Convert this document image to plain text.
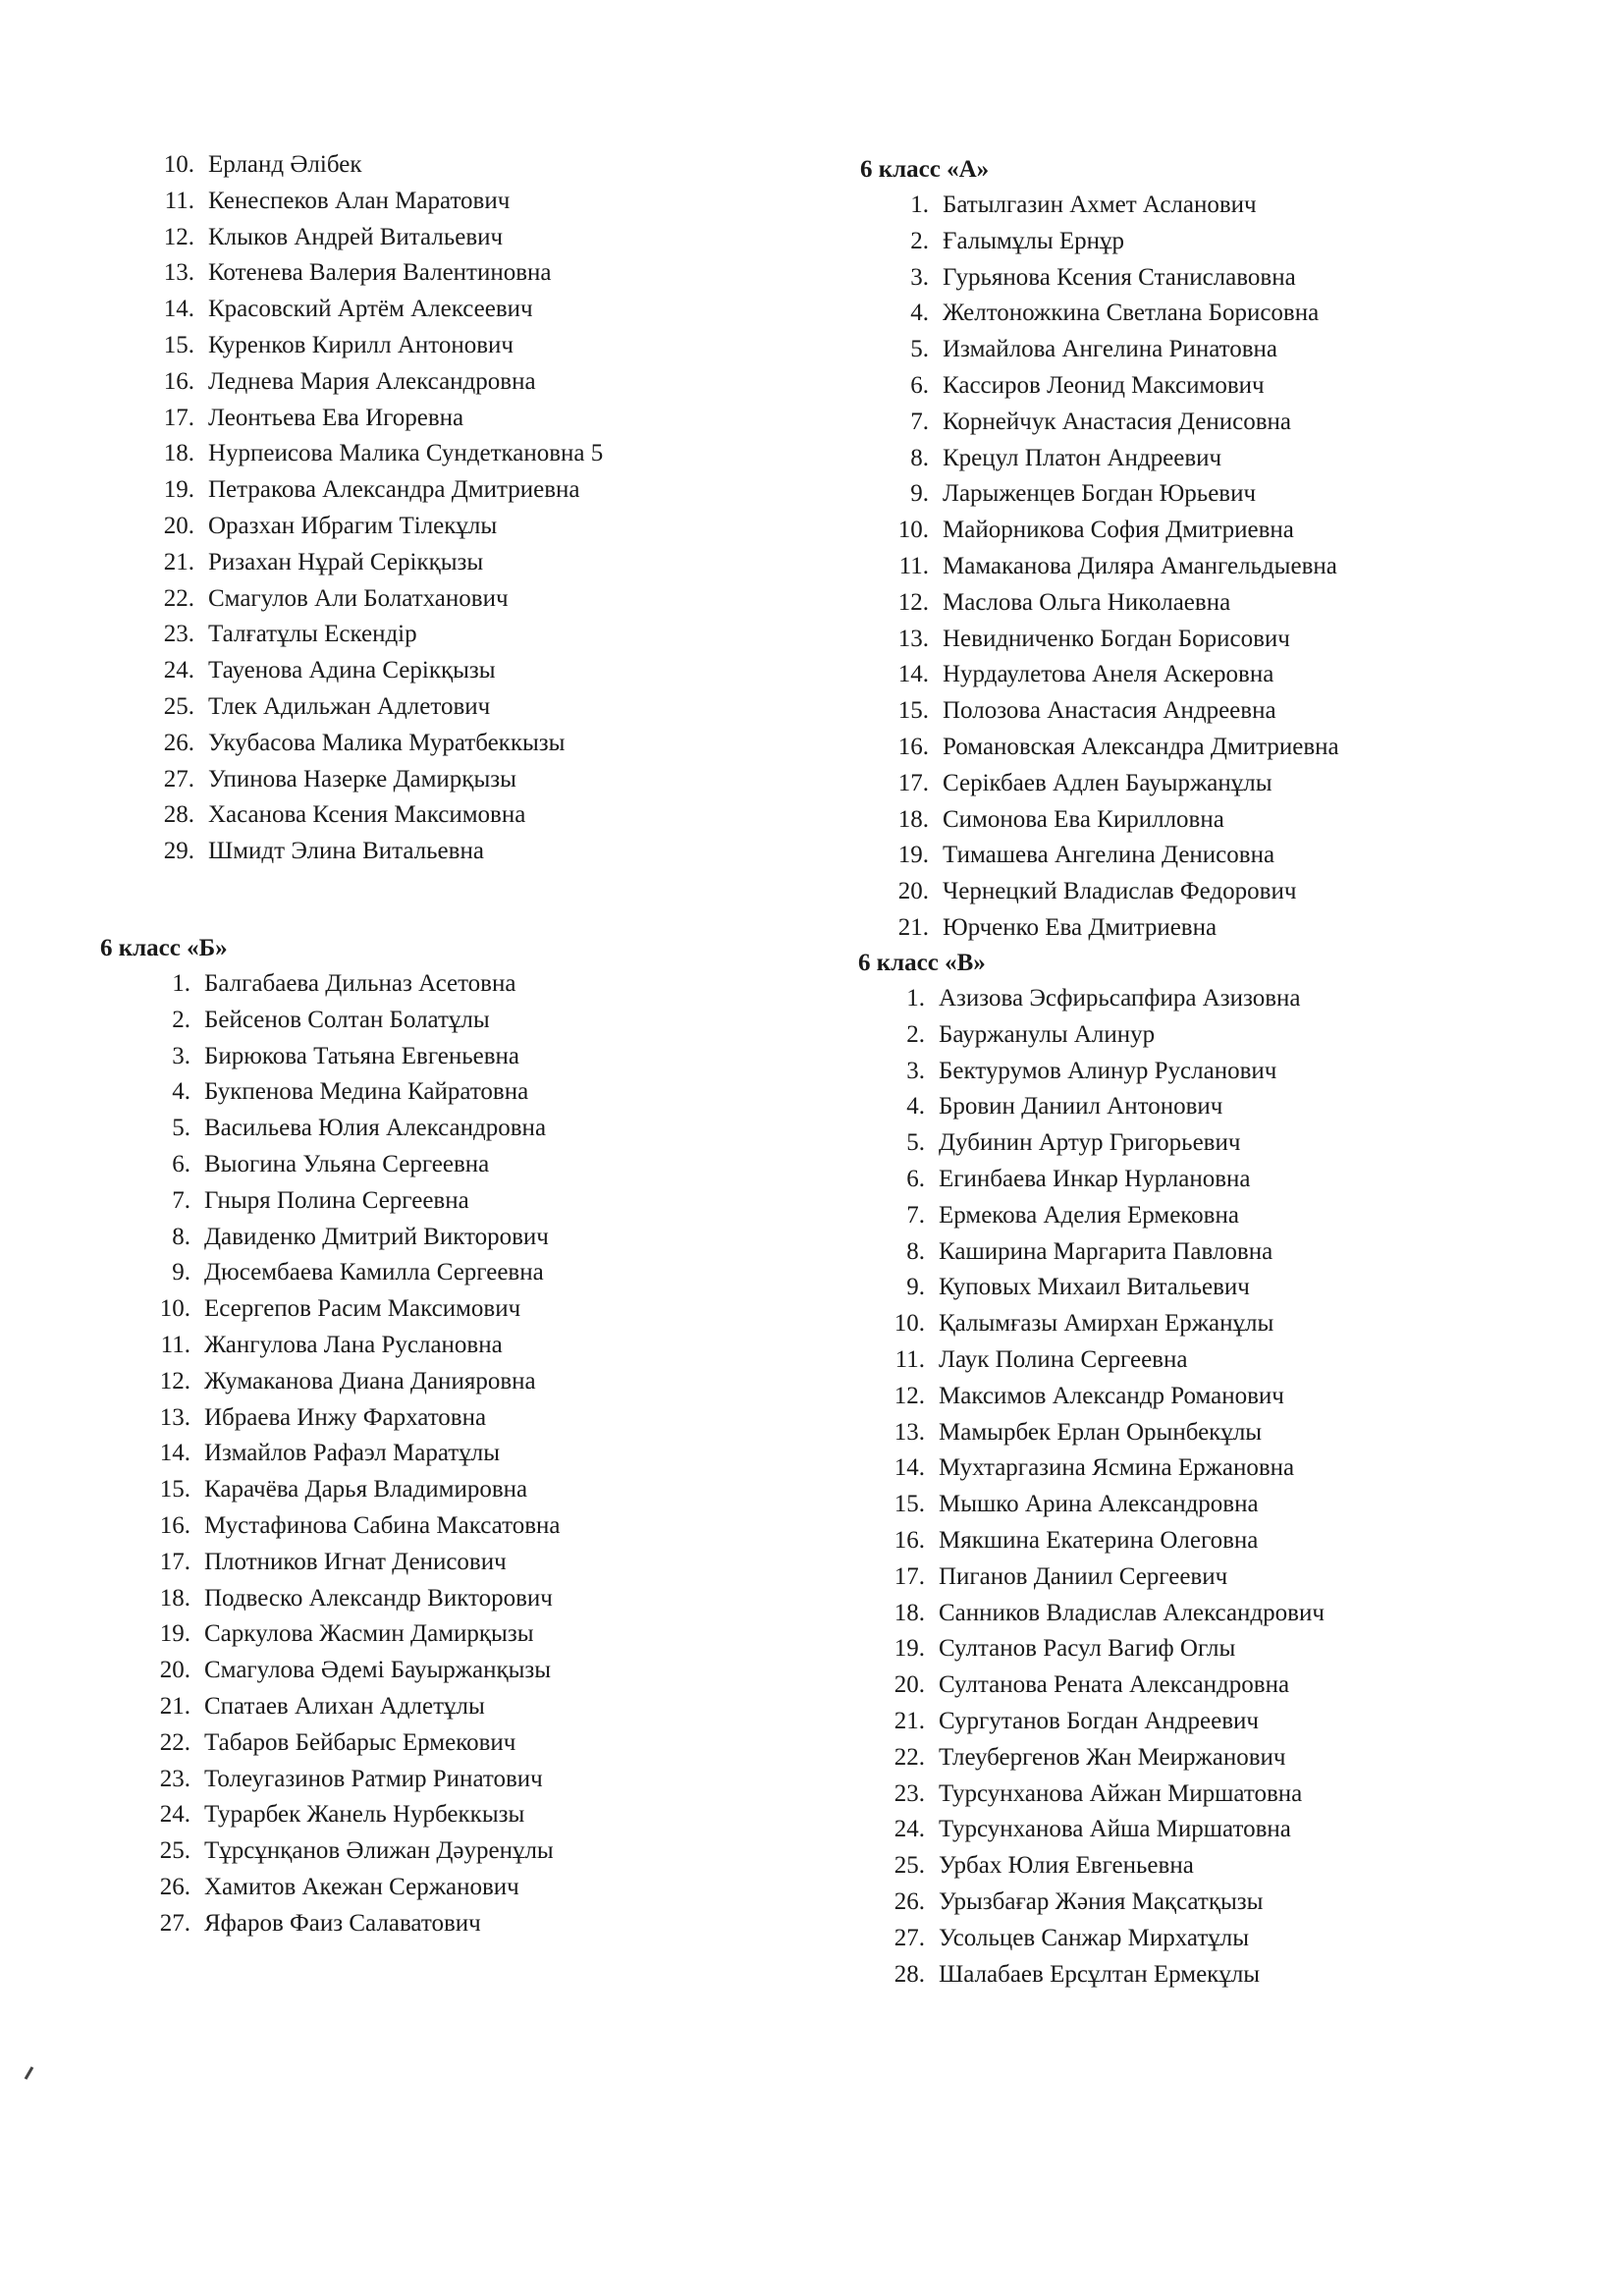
10. Ерланд Әлібек
11. Кенеспеков Алан Маратович
12. Клыков Андрей Витальевич
13. Котенева Валерия Валентиновна
14. Красовский Артём Алексеевич
15. Куренков Кирилл Антонович
16. Леднева Мария Александровна
17. Леонтьева Ева Игоревна
18. Нурпеисова Малика Сундеткановна 5
19. Петракова Александра Дмитриевна
20. Оразхан Ибрагим Тілекұлы
21. Ризахан Нұрай Серікқызы
22. Смагулов Али Болатханович
23. Талғатұлы Ескендір
24. Тауенова Адина Серікқызы
25. Тлек Адильжан Адлетович
26. Укубасова Малика Муратбеккызы
27. Упинова Назерке Дамирқызы
28. Хасанова Ксения Максимовна
29. Шмидт Элина Витальевна
6 класс «Б»
1. Балгабаева Дильназ Асетовна
2. Бейсенов Солтан Болатұлы
3. Бирюкова Татьяна Евгеньевна
4. Букпенова Медина Кайратовна
5. Васильева Юлия Александровна
6. Выогина Ульяна Сергеевна
7. Гныря Полина Сергеевна
8. Давиденко Дмитрий Викторович
9. Дюсембаева Камилла Сергеевна
10. Есергепов Расим Максимович
11. Жангулова Лана Руслановна
12. Жумаканова Диана Данияровна
13. Ибраева Инжу Фархатовна
14. Измайлов Рафаэл Маратұлы
15. Карачёва Дарья Владимировна
16. Мустафинова Сабина Максатовна
17. Плотников Игнат Денисович
18. Подвеско Александр Викторович
19. Саркулова Жасмин Дамирқызы
20. Смагулова Әдемі Бауыржанқызы
21. Спатаев Алихан Адлетұлы
22. Табаров Бейбарыс Ермекович
23. Толеугазинов Ратмир Ринатович
24. Турарбек Жанель Нурбеккызы
25. Тұрсұнқанов Әлижан Дәуренұлы
26. Хамитов Акежан Сержанович
27. Яфаров Фаиз Салаватович
6 класс «А»
1. Батылгазин Ахмет Асланович
2. Ғалымұлы Ернұр
3. Гурьянова Ксения Станиславовна
4. Желтоножкина Светлана Борисовна
5. Измайлова Ангелина Ринатовна
6. Кассиров Леонид Максимович
7. Корнейчук Анастасия Денисовна
8. Крецул Платон Андреевич
9. Ларыженцев Богдан Юрьевич
10. Майорникова София Дмитриевна
11. Мамаканова Диляра Амангельдыевна
12. Маслова Ольга Николаевна
13. Невидниченко Богдан Борисович
14. Нурдаулетова Анеля Аскеровна
15. Полозова Анастасия Андреевна
16. Романовская Александра Дмитриевна
17. Серікбаев Адлен Бауыржанұлы
18. Симонова Ева Кирилловна
19. Тимашева Ангелина Денисовна
20. Чернецкий Владислав Федорович
21. Юрченко Ева Дмитриевна
6 класс «В»
1. Азизова Эсфирьсапфира Азизовна
2. Бауржанулы Алинур
3. Бектурумов Алинур Русланович
4. Бровин Даниил Антонович
5. Дубинин Артур Григорьевич
6. Егинбаева Инкар Нурлановна
7. Ермекова Аделия Ермековна
8. Каширина Маргарита Павловна
9. Куповых Михаил Витальевич
10. Қалымғазы Амирхан Ержанұлы
11. Лаук Полина Сергеевна
12. Максимов Александр Романович
13. Мамырбек Ерлан Орынбекұлы
14. Мухтаргазина Ясмина Ержановна
15. Мышко Арина Александровна
16. Мякшина Екатерина Олеговна
17. Пиганов Даниил Сергеевич
18. Санников Владислав Александрович
19. Султанов Расул Вагиф Оглы
20. Султанова Рената Александровна
21. Сургутанов Богдан Андреевич
22. Тлеубергенов Жан Меиржанович
23. Турсунханова Айжан Миршатовна
24. Турсунханова Айша Миршатовна
25. Урбах Юлия Евгеньевна
26. Урызбағар Жәния Мақсатқызы
27. Усольцев Санжар Мирхатұлы
28. Шалабаев Ерсұлтан Ермекұлы
